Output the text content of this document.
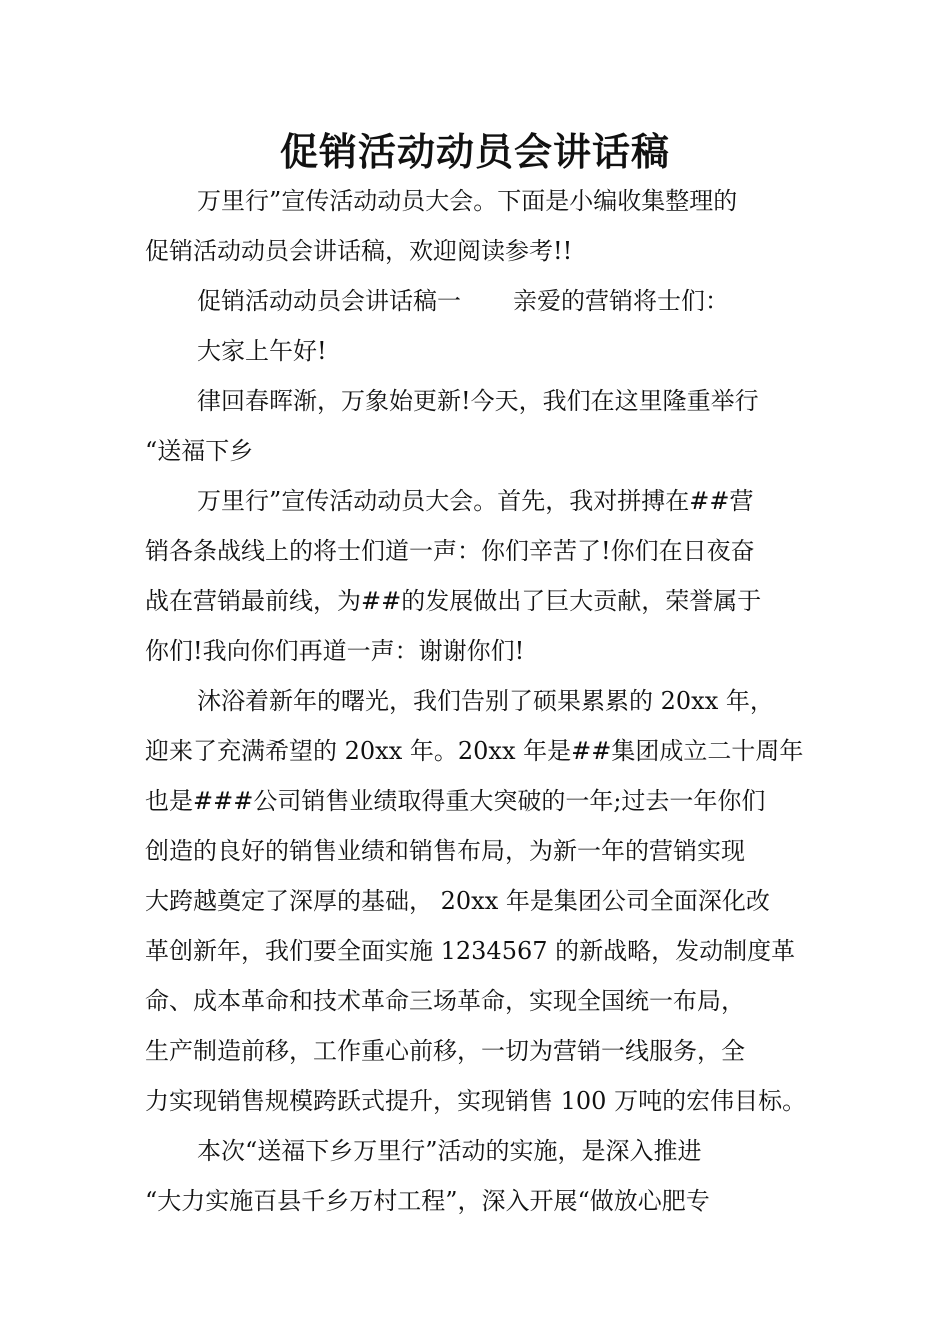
促销活动动员会讲话稿
万里行”宣传活动动员大会。下面是小编收集整理的
促销活动动员会讲话稿，欢迎阅读参考!!
促销活动动员会讲话稿一 亲爱的营销将士们：
大家上午好!
律回春晖渐，万象始更新!今天，我们在这里隆重举行
“送福下乡
万里行”宣传活动动员大会。首先，我对拼搏在##营
销各条战线上的将士们道一声：你们辛苦了!你们在日夜奋
战在营销最前线，为##的发展做出了巨大贡献，荣誉属于
你们!我向你们再道一声：谢谢你们!
沐浴着新年的曙光，我们告别了硕果累累的 20xx 年，
迎来了充满希望的 20xx 年。20xx 年是##集团成立二十周年
也是###公司销售业绩取得重大突破的一年;过去一年你们
创造的良好的销售业绩和销售布局，为新一年的营销实现
大跨越奠定了深厚的基础， 20xx 年是集团公司全面深化改
革创新年，我们要全面实施 1234567 的新战略，发动制度革
命、成本革命和技术革命三场革命，实现全国统一布局，
生产制造前移，工作重心前移，一切为营销一线服务，全
力实现销售规模跨跃式提升，实现销售 100 万吨的宏伟目标。
本次“送福下乡万里行”活动的实施，是深入推进
“大力实施百县千乡万村工程”，深入开展“做放心肥专
